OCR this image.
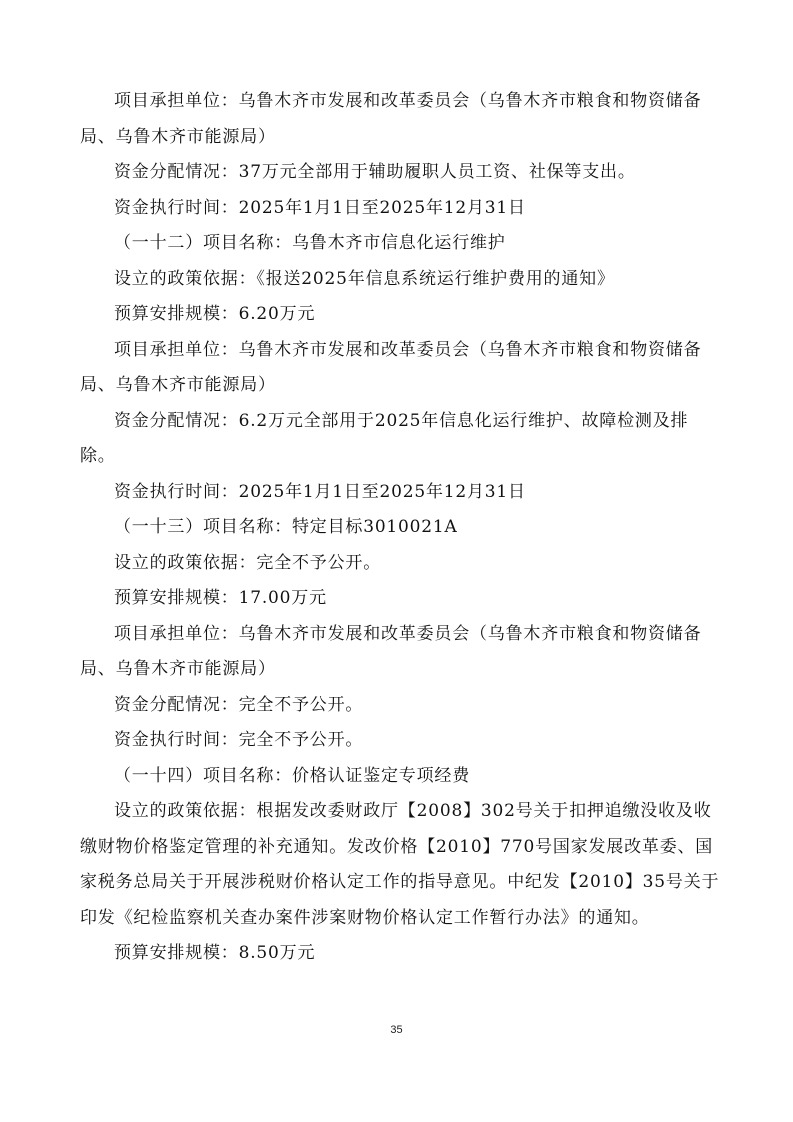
项目承担单位：乌鲁木齐市发展和改革委员会（乌鲁木齐市粮食和物资储备局、乌鲁木齐市能源局）

资金分配情况：37万元全部用于辅助履职人员工资、社保等支出。

资金执行时间：2025年1月1日至2025年12月31日

（一十二）项目名称：乌鲁木齐市信息化运行维护

设立的政策依据：《报送2025年信息系统运行维护费用的通知》

预算安排规模：6.20万元

项目承担单位：乌鲁木齐市发展和改革委员会（乌鲁木齐市粮食和物资储备局、乌鲁木齐市能源局）

资金分配情况：6.2万元全部用于2025年信息化运行维护、故障检测及排除。

资金执行时间：2025年1月1日至2025年12月31日

（一十三）项目名称：特定目标3010021A

设立的政策依据：完全不予公开。

预算安排规模：17.00万元

项目承担单位：乌鲁木齐市发展和改革委员会（乌鲁木齐市粮食和物资储备局、乌鲁木齐市能源局）

资金分配情况：完全不予公开。

资金执行时间：完全不予公开。

（一十四）项目名称：价格认证鉴定专项经费

设立的政策依据：根据发改委财政厅【2008】302号关于扣押追缴没收及收缴财物价格鉴定管理的补充通知。发改价格【2010】770号国家发展改革委、国家税务总局关于开展涉税财价格认定工作的指导意见。中纪发【2010】35号关于印发《纪检监察机关查办案件涉案财物价格认定工作暂行办法》的通知。

预算安排规模：8.50万元

35
